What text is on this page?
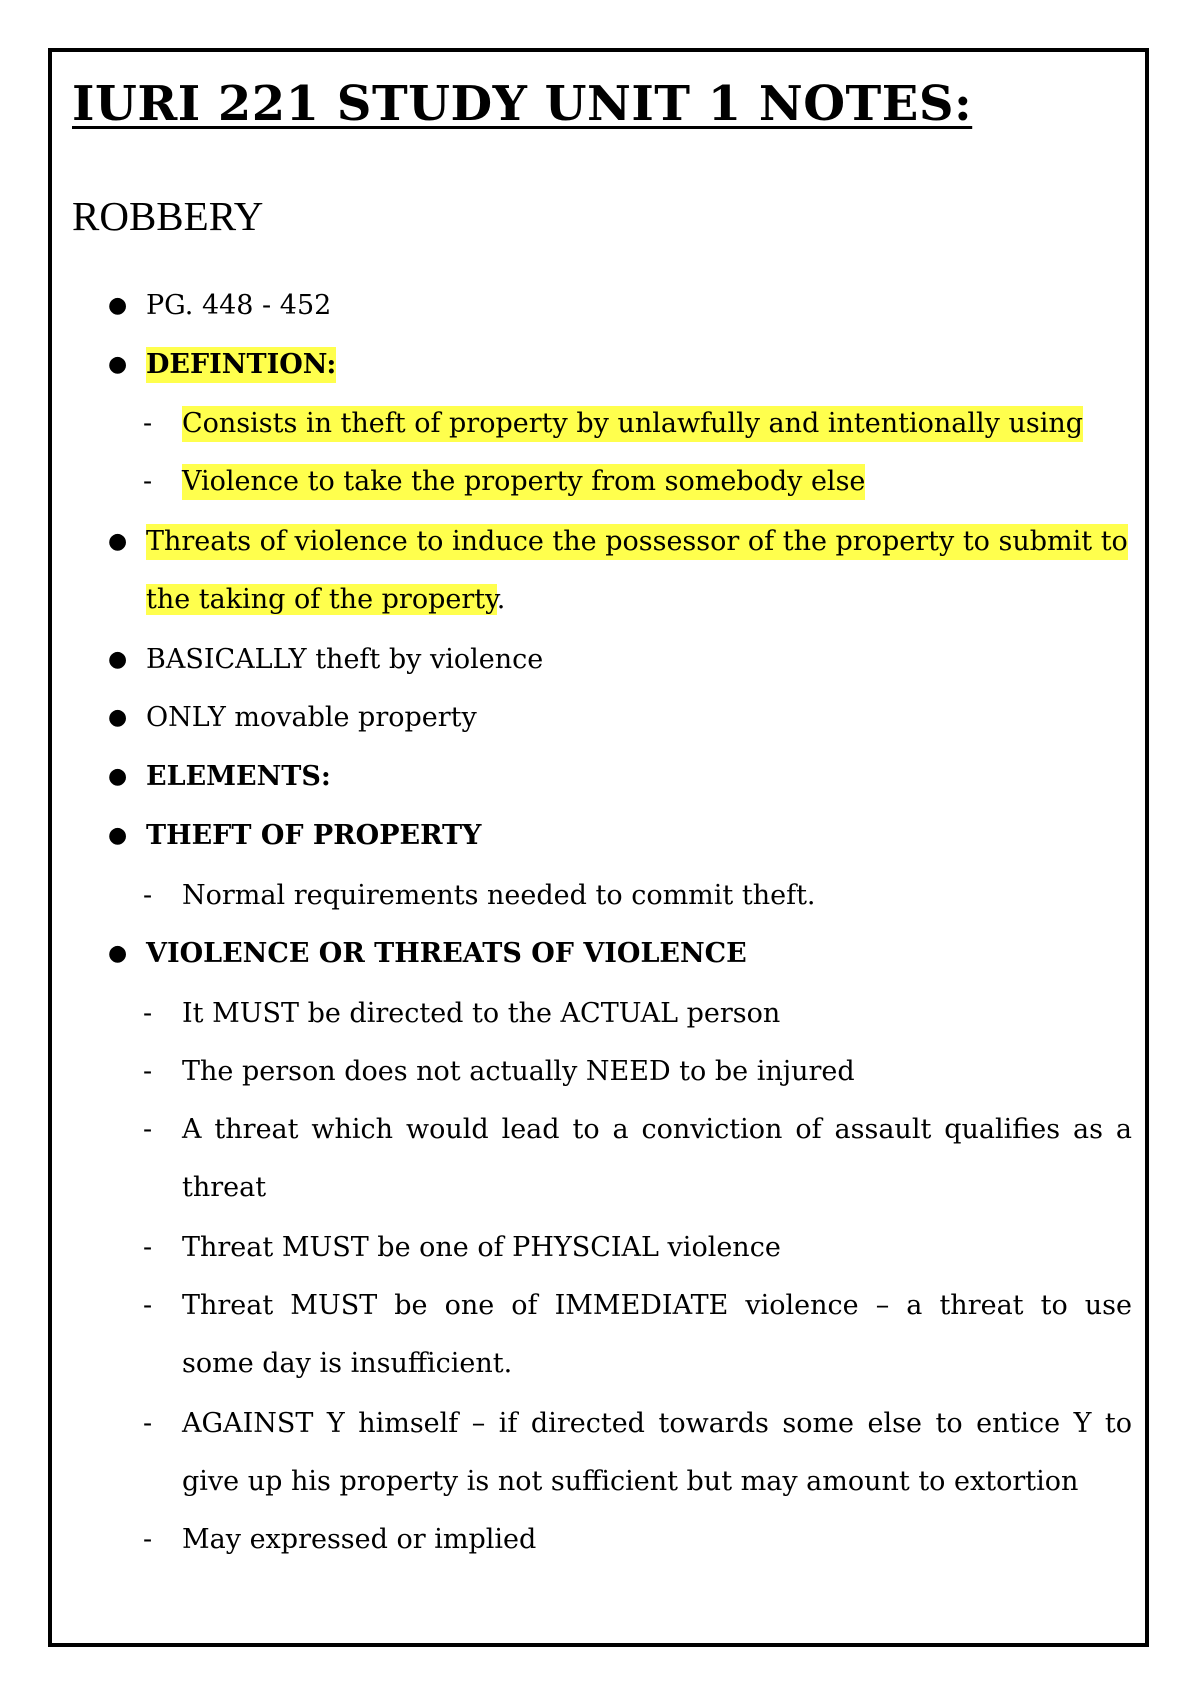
IURI 221 STUDY UNIT 1 NOTES:
ROBBERY
● PG. 448 - 452
● DEFINTION:
- Consists in theft of property by unlawfully and intentionally using
- Violence to take the property from somebody else
● Threats of violence to induce the possessor of the property to submit to
the taking of the property.
● BASICALLY theft by violence
● ONLY movable property
● ELEMENTS:
● THEFT OF PROPERTY
- Normal requirements needed to commit theft.
● VIOLENCE OR THREATS OF VIOLENCE
- It MUST be directed to the ACTUAL person
- The person does not actually NEED to be injured
- A threat which would lead to a conviction of assault qualifies as a
threat
- Threat MUST be one of PHYSCIAL violence
- Threat MUST be one of IMMEDIATE violence – a threat to use
some day is insufficient.
- AGAINST Y himself – if directed towards some else to entice Y to
give up his property is not sufficient but may amount to extortion
- May expressed or implied
